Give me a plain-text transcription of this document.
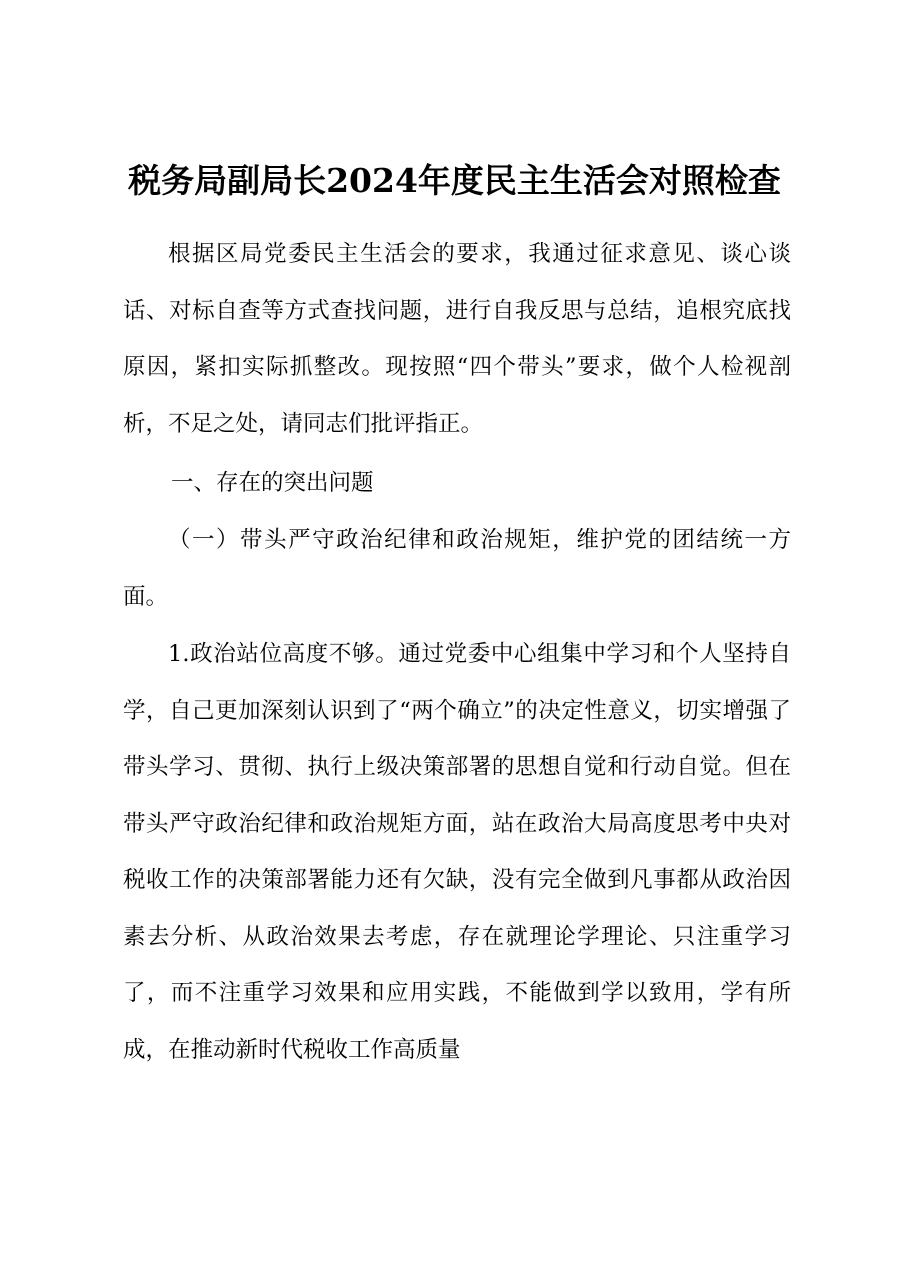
税务局副局长2024年度民主生活会对照检查
根据区局党委民主生活会的要求，我通过征求意见、谈心谈话、对标自查等方式查找问题，进行自我反思与总结，追根究底找原因，紧扣实际抓整改。现按照“四个带头”要求，做个人检视剖析，不足之处，请同志们批评指正。
一、存在的突出问题
（一）带头严守政治纪律和政治规矩，维护党的团结统一方面。
1.政治站位高度不够。通过党委中心组集中学习和个人坚持自学，自己更加深刻认识到了“两个确立”的决定性意义，切实增强了带头学习、贯彻、执行上级决策部署的思想自觉和行动自觉。但在带头严守政治纪律和政治规矩方面，站在政治大局高度思考中央对税收工作的决策部署能力还有欠缺，没有完全做到凡事都从政治因素去分析、从政治效果去考虑，存在就理论学理论、只注重学习了，而不注重学习效果和应用实践，不能做到学以致用，学有所成，在推动新时代税收工作高质量
